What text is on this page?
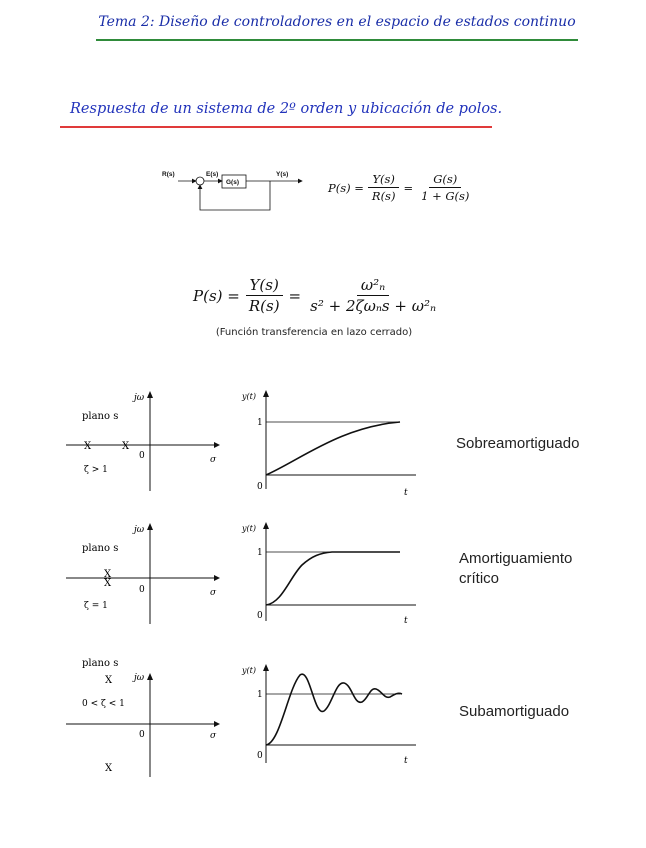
Tema 2: Diseño de controladores en el espacio de estados continuo
Respuesta de un sistema de 2º orden y ubicación de polos.
R(s)	E(s)
G(s)
Y(s)
$P(s) = \frac{Y(s)}{R(s)} = \frac{G(s)}{1 + G(s)}$
$P(s) = \frac{Y(s)}{R(s)} = \frac{\text{ω²ₙ}}{\text{s² + 2ζωₙs + ω²ₙ}}$
(Función transferencia en lazo cerrado)
jω
plano s
X	X
0	σ
ζ > 1
y(t)
1
0
t
Sobreamortiguado
jω
plano s
X
X
0	σ
ζ = 1
y(t)
1
0	t
Amortiguamiento crítico
plano s
jω
X
0 < ζ < 1
0	σ
X
y(t)
1
0	t
Subamortiguado
